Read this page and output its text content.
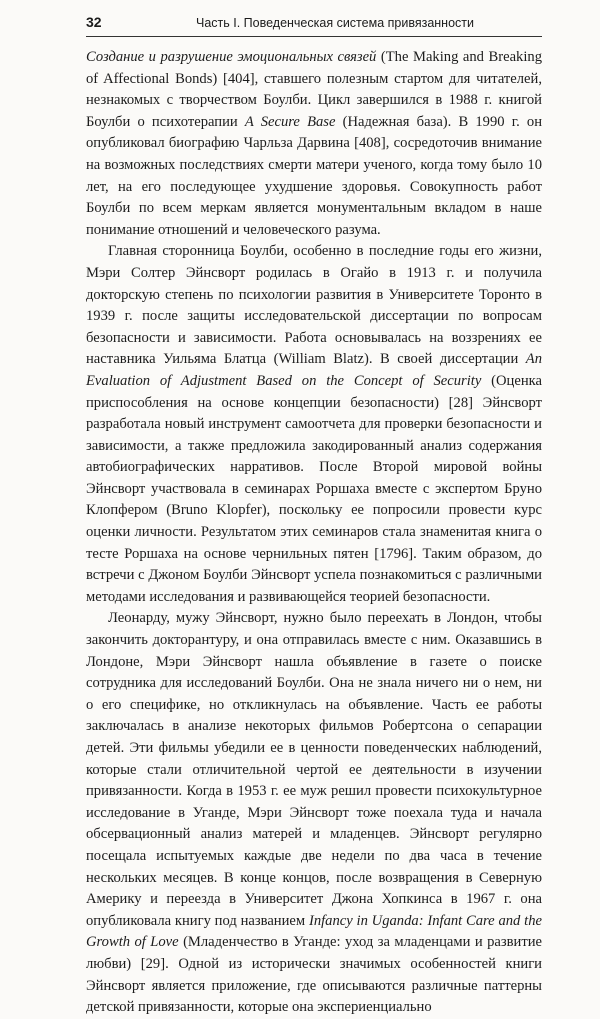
32	Часть I. Поведенческая система привязанности

Создание и разрушение эмоциональных связей (The Making and Breaking of Affectional Bonds) [404], ставшего полезным стартом для читателей, незнакомых с творчеством Боулби. Цикл завершился в 1988 г. книгой Боулби о психотерапии A Secure Base (Надежная база). В 1990 г. он опубликовал биографию Чарльза Дарвина [408], сосредоточив внимание на возможных последствиях смерти матери ученого, когда тому было 10 лет, на его последующее ухудшение здоровья. Совокупность работ Боулби по всем меркам является монументальным вкладом в наше понимание отношений и человеческого разума.

Главная сторонница Боулби, особенно в последние годы его жизни, Мэри Солтер Эйнсворт родилась в Огайо в 1913 г. и получила докторскую степень по психологии развития в Университете Торонто в 1939 г. после защиты исследовательской диссертации по вопросам безопасности и зависимости. Работа основывалась на воззрениях ее наставника Уильяма Блатца (William Blatz). В своей диссертации An Evaluation of Adjustment Based on the Concept of Security (Оценка приспособления на основе концепции безопасности) [28] Эйнсворт разработала новый инструмент самоотчета для проверки безопасности и зависимости, а также предложила закодированный анализ содержания автобиографических нарративов. После Второй мировой войны Эйнсворт участвовала в семинарах Роршаха вместе с экспертом Бруно Клопфером (Bruno Klopfer), поскольку ее попросили провести курс оценки личности. Результатом этих семинаров стала знаменитая книга о тесте Роршаха на основе чернильных пятен [1796]. Таким образом, до встречи с Джоном Боулби Эйнсворт успела познакомиться с различными методами исследования и развивающейся теорией безопасности.

Леонарду, мужу Эйнсворт, нужно было переехать в Лондон, чтобы закончить докторантуру, и она отправилась вместе с ним. Оказавшись в Лондоне, Мэри Эйнсворт нашла объявление в газете о поиске сотрудника для исследований Боулби. Она не знала ничего ни о нем, ни о его специфике, но откликнулась на объявление. Часть ее работы заключалась в анализе некоторых фильмов Робертсона о сепарации детей. Эти фильмы убедили ее в ценности поведенческих наблюдений, которые стали отличительной чертой ее деятельности в изучении привязанности. Когда в 1953 г. ее муж решил провести психокультурное исследование в Уганде, Мэри Эйнсворт тоже поехала туда и начала обсервационный анализ матерей и младенцев. Эйнсворт регулярно посещала испытуемых каждые две недели по два часа в течение нескольких месяцев. В конце концов, после возвращения в Северную Америку и переезда в Университет Джона Хопкинса в 1967 г. она опубликовала книгу под названием Infancy in Uganda: Infant Care and the Growth of Love (Младенчество в Уганде: уход за младенцами и развитие любви) [29]. Одной из исторически значимых особенностей книги Эйнсворт является приложение, где описываются различные паттерны детской привязанности, которые она экспериенциально
